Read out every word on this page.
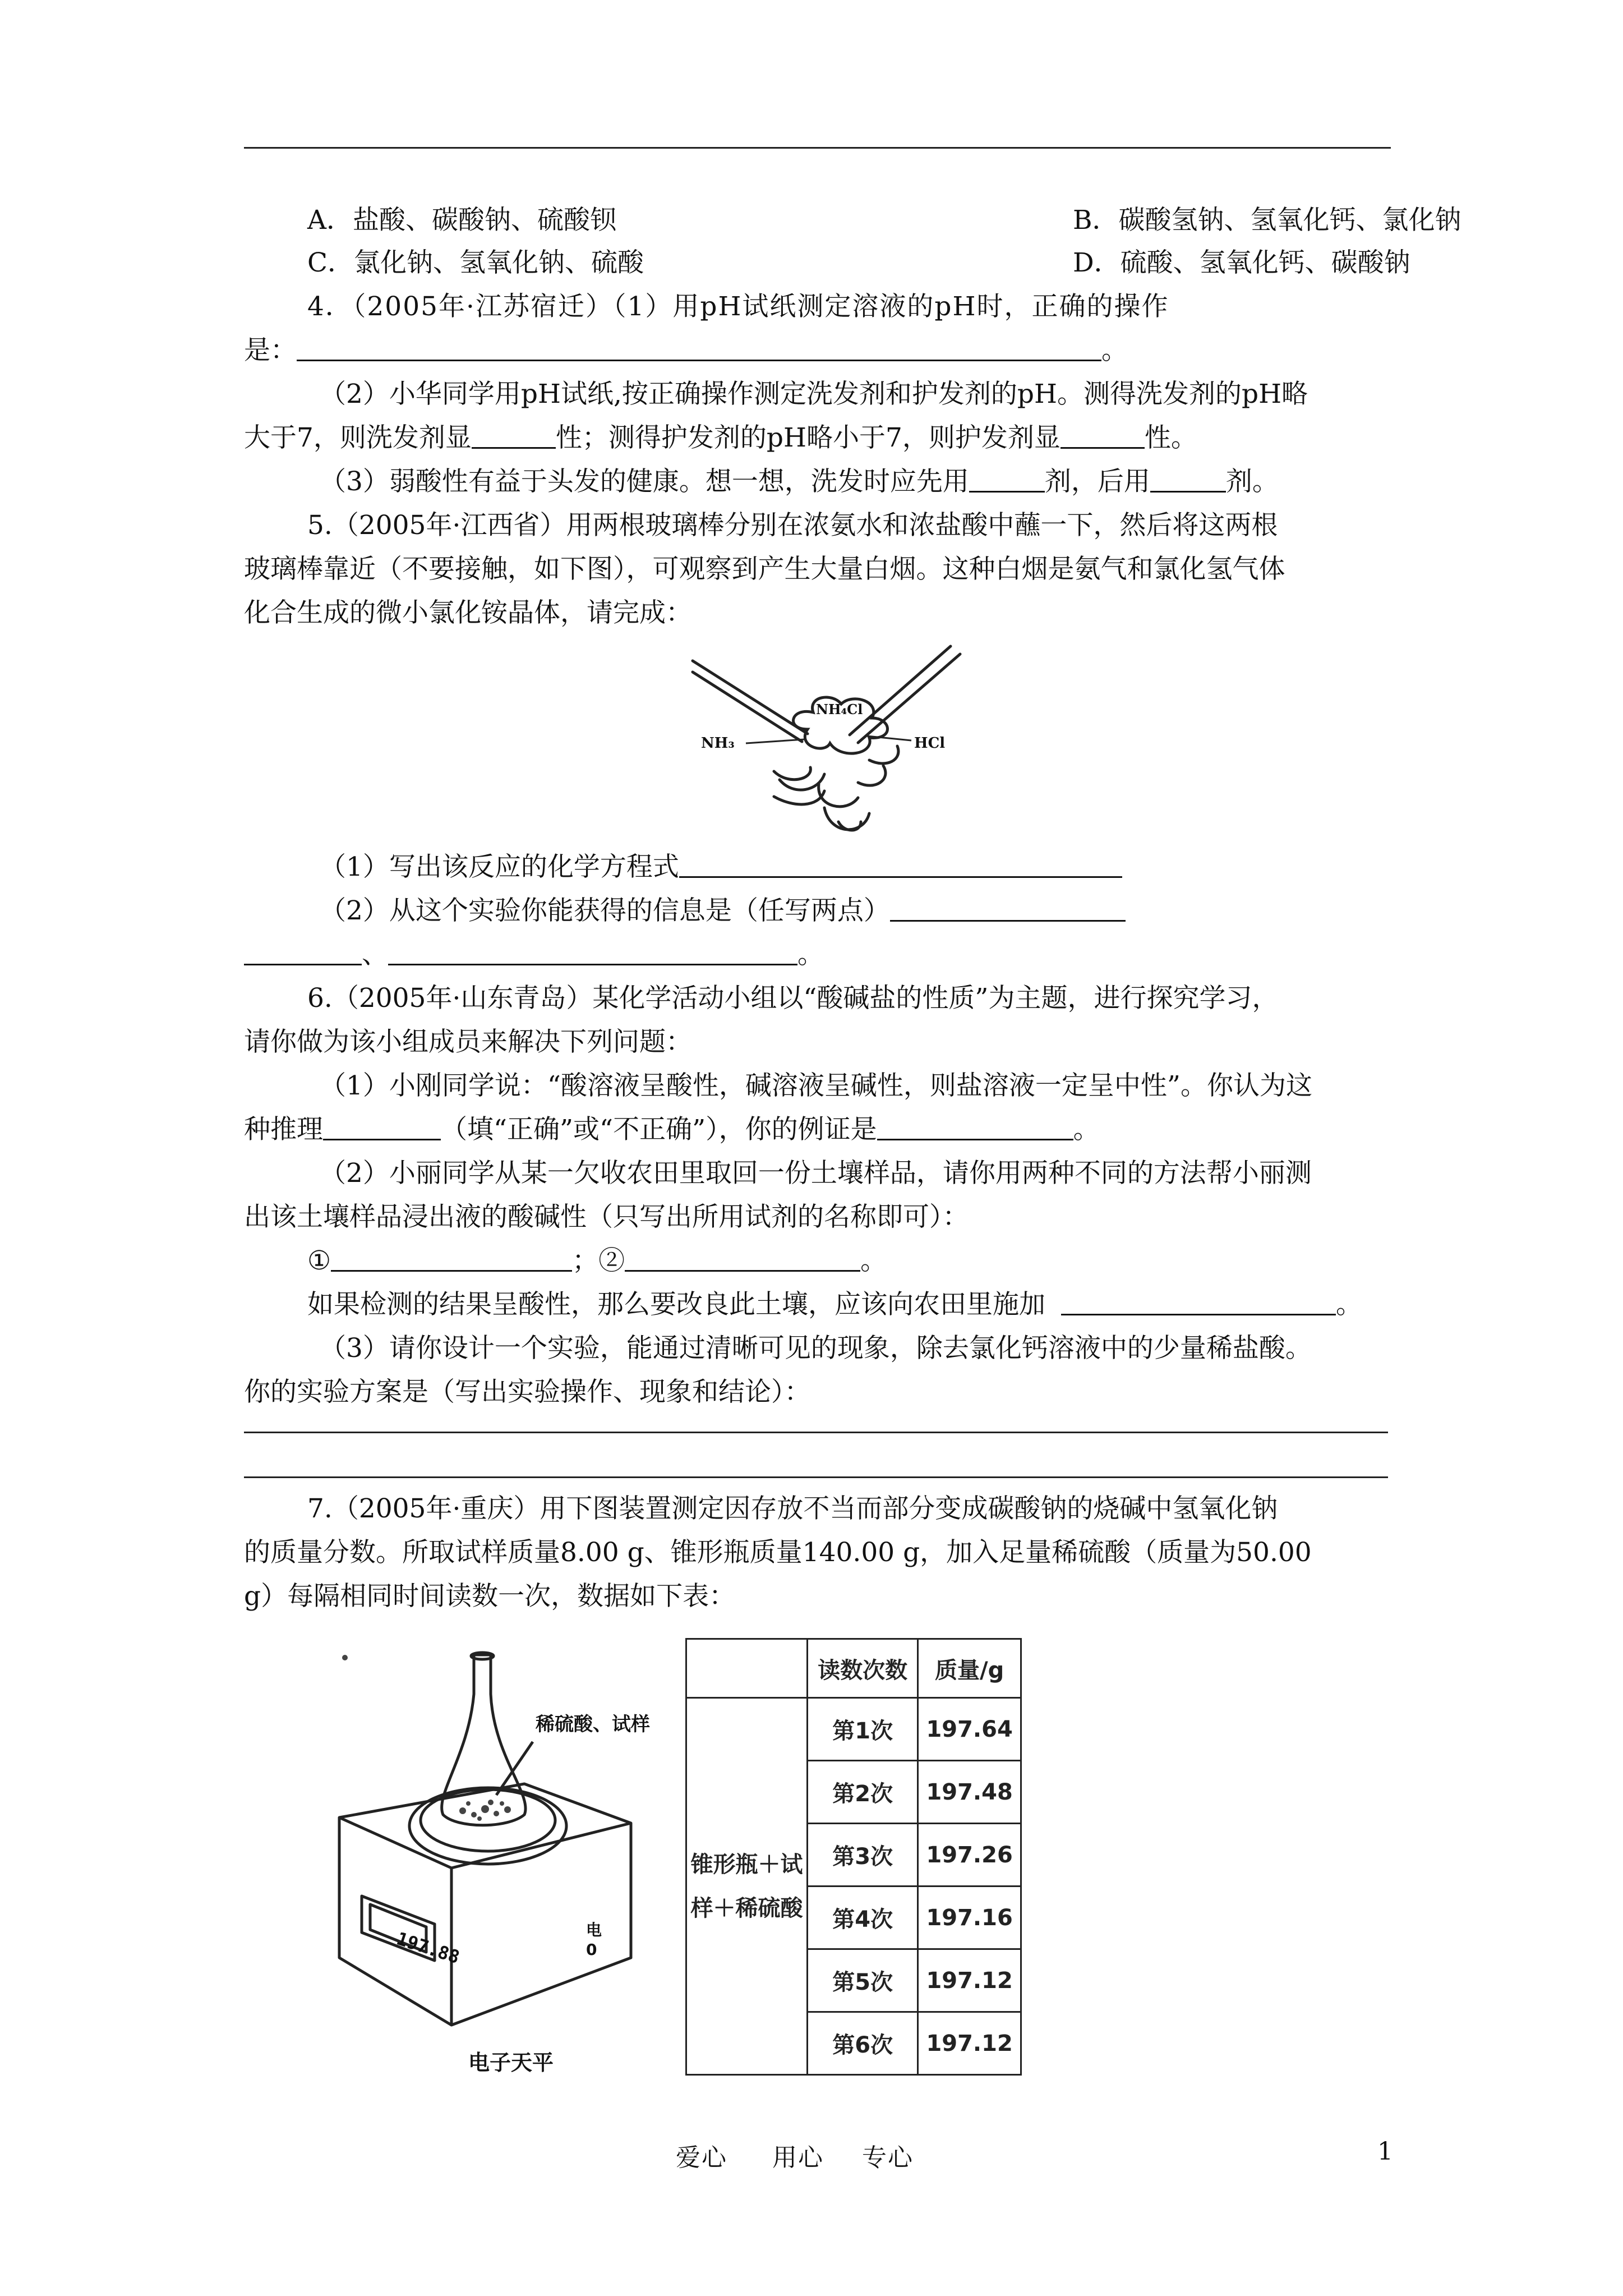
A．盐酸、碳酸钠、硫酸钡	B．碳酸氢钠、氢氧化钙、氯化钠
C．氯化钠、氢氧化钠、硫酸	D．硫酸、氢氧化钙、碳酸钠
4．（2005年·江苏宿迁）（1）用pH试纸测定溶液的pH时，正确的操作
是：	。
（2）小华同学用pH试纸,按正确操作测定洗发剂和护发剂的pH。测得洗发剂的pH略
大于7，则洗发剂显	性；测得护发剂的pH略小于7，则护发剂显	性。
（3）弱酸性有益于头发的健康。想一想，洗发时应先用	剂，后用	剂。
5.（2005年·江西省）用两根玻璃棒分别在浓氨水和浓盐酸中蘸一下，然后将这两根
玻璃棒靠近（不要接触，如下图），可观察到产生大量白烟。这种白烟是氨气和氯化氢气体
化合生成的微小氯化铵晶体，请完成：
NH₃
NH₄Cl
HCl
（1）写出该反应的化学方程式
（2）从这个实验你能获得的信息是（任写两点）
、	。
6.（2005年·山东青岛）某化学活动小组以“酸碱盐的性质”为主题，进行探究学习，
请你做为该小组成员来解决下列问题：
（1）小刚同学说：“酸溶液呈酸性，碱溶液呈碱性，则盐溶液一定呈中性”。你认为这
种推理	（填“正确”或“不正确”），你的例证是	。
（2）小丽同学从某一欠收农田里取回一份土壤样品，请你用两种不同的方法帮小丽测
出该土壤样品浸出液的酸碱性（只写出所用试剂的名称即可）：
①	；②	。
如果检测的结果呈酸性，那么要改良此土壤，应该向农田里施加	。
（3）请你设计一个实验，能通过清晰可见的现象，除去氯化钙溶液中的少量稀盐酸。
你的实验方案是（写出实验操作、现象和结论）：
7.（2005年·重庆）用下图装置测定因存放不当而部分变成碳酸钠的烧碱中氢氧化钠
的质量分数。所取试样质量8.00 g、锥形瓶质量140.00 g，加入足量稀硫酸（质量为50.00
g）每隔相同时间读数一次，数据如下表：
197.88
稀硫酸、试样
电
0
电子天平
	读数次数	质量/g

锥形瓶＋试
样＋稀硫酸	第1次	197.64
	第2次	197.48
	第3次	197.26
	第4次	197.16
	第5次	197.12
	第6次	197.12
爱心 用心 专心	1
